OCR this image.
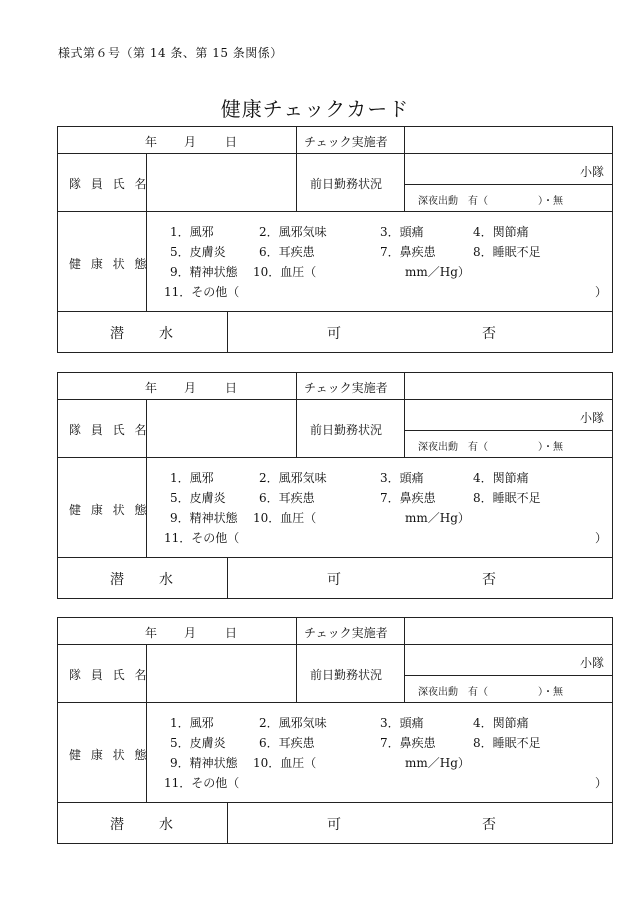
様式第６号（第 14 条、第 15 条関係）
健康チェックカード
年 月 日	チェック実施者
隊 員 氏 名	前日勤務状況
小隊
深夜出動　有（　　　　　）・無
健 康 状 態
1．風邪	2．風邪気味	3．頭痛	4．関節痛
5．皮膚炎	6．耳疾患	7．鼻疾患	8．睡眠不足
9．精神状態 10．血圧（	mm／Hg）
11．その他（	）
潜	水	可	否
年 月 日	チェック実施者
隊 員 氏 名	前日勤務状況
小隊
深夜出動　有（　　　　　）・無
健 康 状 態
1．風邪	2．風邪気味	3．頭痛	4．関節痛
5．皮膚炎	6．耳疾患	7．鼻疾患	8．睡眠不足
9．精神状態 10．血圧（	mm／Hg）
11．その他（	）
潜	水	可	否
年 月 日	チェック実施者
隊 員 氏 名	前日勤務状況
小隊
深夜出動　有（　　　　　）・無
健 康 状 態
1．風邪	2．風邪気味	3．頭痛	4．関節痛
5．皮膚炎	6．耳疾患	7．鼻疾患	8．睡眠不足
9．精神状態 10．血圧（	mm／Hg）
11．その他（	）
潜	水	可	否
